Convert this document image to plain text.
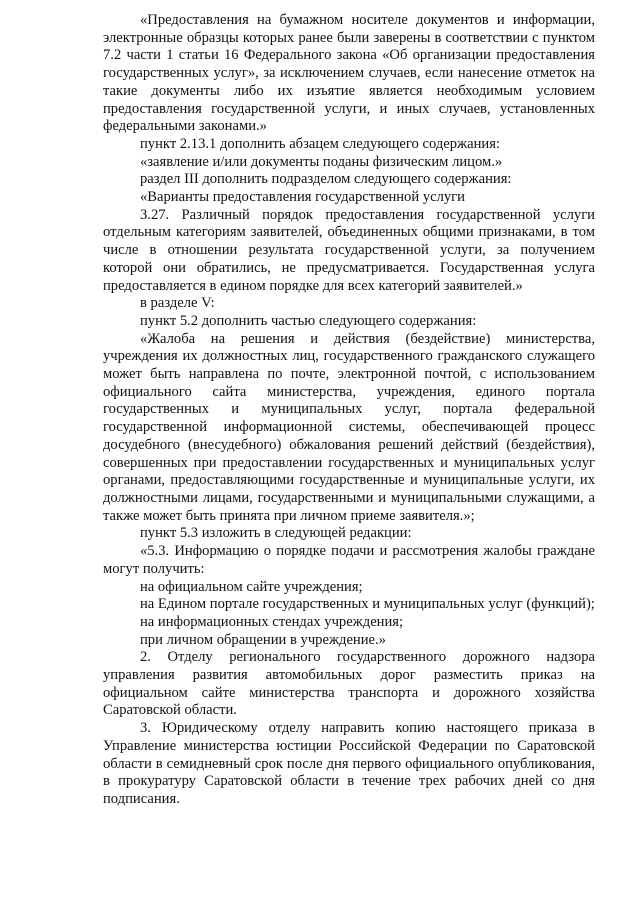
«Предоставления на бумажном носителе документов и информации, электронные образцы которых ранее были заверены в соответствии с пунктом 7.2 части 1 статьи 16 Федерального закона «Об организации предоставления государственных услуг», за исключением случаев, если нанесение отметок на такие документы либо их изъятие является необходимым условием предоставления государственной услуги, и иных случаев, установленных федеральными законами.»

пункт 2.13.1 дополнить абзацем следующего содержания:

«заявление и/или документы поданы физическим лицом.»

раздел III дополнить подразделом следующего содержания:

«Варианты предоставления государственной услуги

3.27. Различный порядок предоставления государственной услуги отдельным категориям заявителей, объединенных общими признаками, в том числе в отношении результата государственной услуги, за получением которой они обратились, не предусматривается. Государственная услуга предоставляется в едином порядке для всех категорий заявителей.»

в разделе V:

пункт 5.2 дополнить частью следующего содержания:

«Жалоба на решения и действия (бездействие) министерства, учреждения их должностных лиц, государственного гражданского служащего может быть направлена по почте, электронной почтой, с использованием официального сайта министерства, учреждения, единого портала государственных и муниципальных услуг, портала федеральной государственной информационной системы, обеспечивающей процесс досудебного (внесудебного) обжалования решений действий (бездействия), совершенных при предоставлении государственных и муниципальных услуг органами, предоставляющими государственные и муниципальные услуги, их должностными лицами, государственными и муниципальными служащими, а также может быть принята при личном приеме заявителя.»;

пункт 5.3 изложить в следующей редакции:

«5.3. Информацию о порядке подачи и рассмотрения жалобы граждане могут получить:

на официальном сайте учреждения;

на Едином портале государственных и муниципальных услуг (функций);

на информационных стендах учреждения;

при личном обращении в учреждение.»

2. Отделу регионального государственного дорожного надзора управления развития автомобильных дорог разместить приказ на официальном сайте министерства транспорта и дорожного хозяйства Саратовской области.

3. Юридическому отделу направить копию настоящего приказа в Управление министерства юстиции Российской Федерации по Саратовской области в семидневный срок после дня первого официального опубликования, в прокуратуру Саратовской области в течение трех рабочих дней со дня подписания.
